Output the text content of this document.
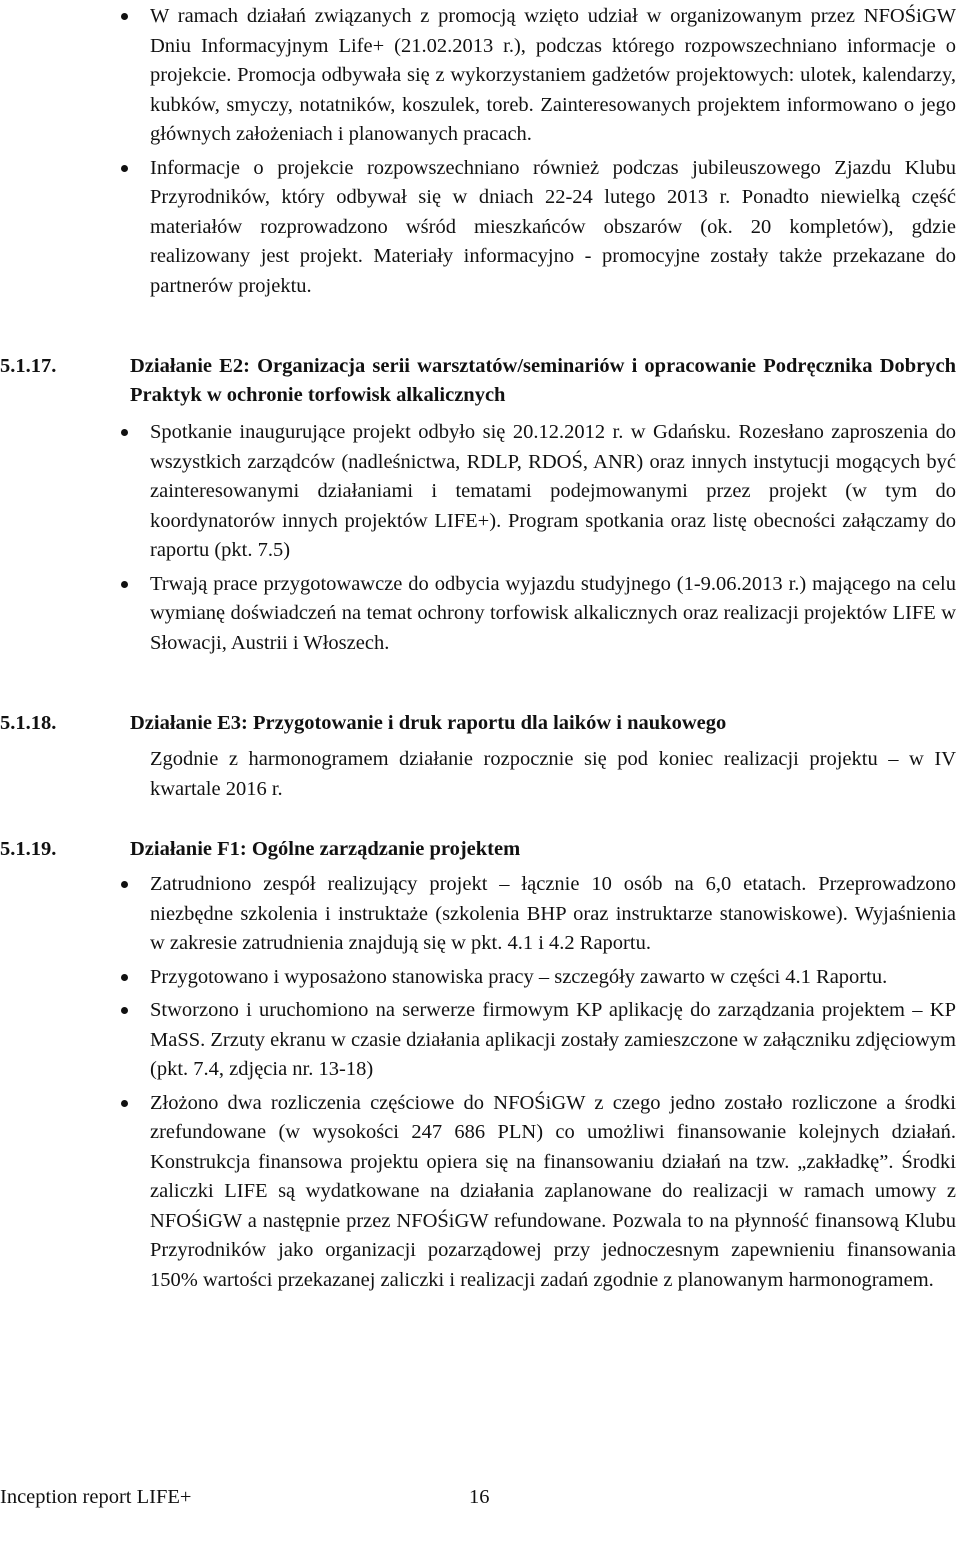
W ramach działań związanych z promocją wzięto udział w organizowanym przez NFOŚiGW Dniu Informacyjnym Life+ (21.02.2013 r.), podczas którego rozpowszechniano informacje o projekcie. Promocja odbywała się z wykorzystaniem gadżetów projektowych: ulotek, kalendarzy, kubków, smyczy, notatników, koszulek, toreb. Zainteresowanych projektem informowano o jego głównych założeniach i planowanych pracach.
Informacje o projekcie rozpowszechniano również podczas jubileuszowego Zjazdu Klubu Przyrodników, który odbywał się w dniach 22-24 lutego 2013 r. Ponadto niewielką część materiałów rozprowadzono wśród mieszkańców obszarów (ok. 20 kompletów), gdzie realizowany jest projekt. Materiały informacyjno - promocyjne zostały także przekazane do partnerów projektu.
5.1.17.	Działanie E2: Organizacja serii warsztatów/seminariów i opracowanie Podręcznika Dobrych Praktyk w ochronie torfowisk alkalicznych
Spotkanie inaugurujące projekt odbyło się 20.12.2012 r. w Gdańsku. Rozesłano zaproszenia do wszystkich zarządców (nadleśnictwa, RDLP, RDOŚ, ANR) oraz innych instytucji mogących być zainteresowanymi działaniami i tematami podejmowanymi przez projekt (w tym do koordynatorów innych projektów LIFE+). Program spotkania oraz listę obecności załączamy do raportu (pkt. 7.5)
Trwają prace przygotowawcze do odbycia wyjazdu studyjnego (1-9.06.2013 r.) mającego na celu wymianę doświadczeń na temat ochrony torfowisk alkalicznych oraz realizacji projektów LIFE w Słowacji, Austrii i Włoszech.
5.1.18.	Działanie E3: Przygotowanie i druk raportu dla laików i naukowego
Zgodnie z harmonogramem działanie rozpocznie się pod koniec realizacji projektu – w IV kwartale 2016 r.
5.1.19.	Działanie F1: Ogólne zarządzanie projektem
Zatrudniono zespół realizujący projekt – łącznie 10 osób na 6,0 etatach. Przeprowadzono niezbędne szkolenia i instruktaże (szkolenia BHP oraz instruktarze stanowiskowe). Wyjaśnienia w zakresie zatrudnienia znajdują się w pkt. 4.1 i 4.2 Raportu.
Przygotowano i wyposażono stanowiska pracy – szczegóły zawarto w części 4.1 Raportu.
Stworzono i uruchomiono na serwerze firmowym KP aplikację do zarządzania projektem – KP MaSS. Zrzuty ekranu w czasie działania aplikacji zostały zamieszczone w załączniku zdjęciowym (pkt. 7.4, zdjęcia nr. 13-18)
Złożono dwa rozliczenia częściowe do NFOŚiGW z czego jedno zostało rozliczone a środki zrefundowane (w wysokości 247 686 PLN) co umożliwi finansowanie kolejnych działań. Konstrukcja finansowa projektu opiera się na finansowaniu działań na tzw. „zakładkę”. Środki zaliczki LIFE są wydatkowane na działania zaplanowane do realizacji w ramach umowy z NFOŚiGW a następnie przez NFOŚiGW refundowane. Pozwala to na płynność finansową Klubu Przyrodników jako organizacji pozarządowej przy jednoczesnym zapewnieniu finansowania 150% wartości przekazanej zaliczki i realizacji zadań zgodnie z planowanym harmonogramem.
Inception report LIFE+	16
